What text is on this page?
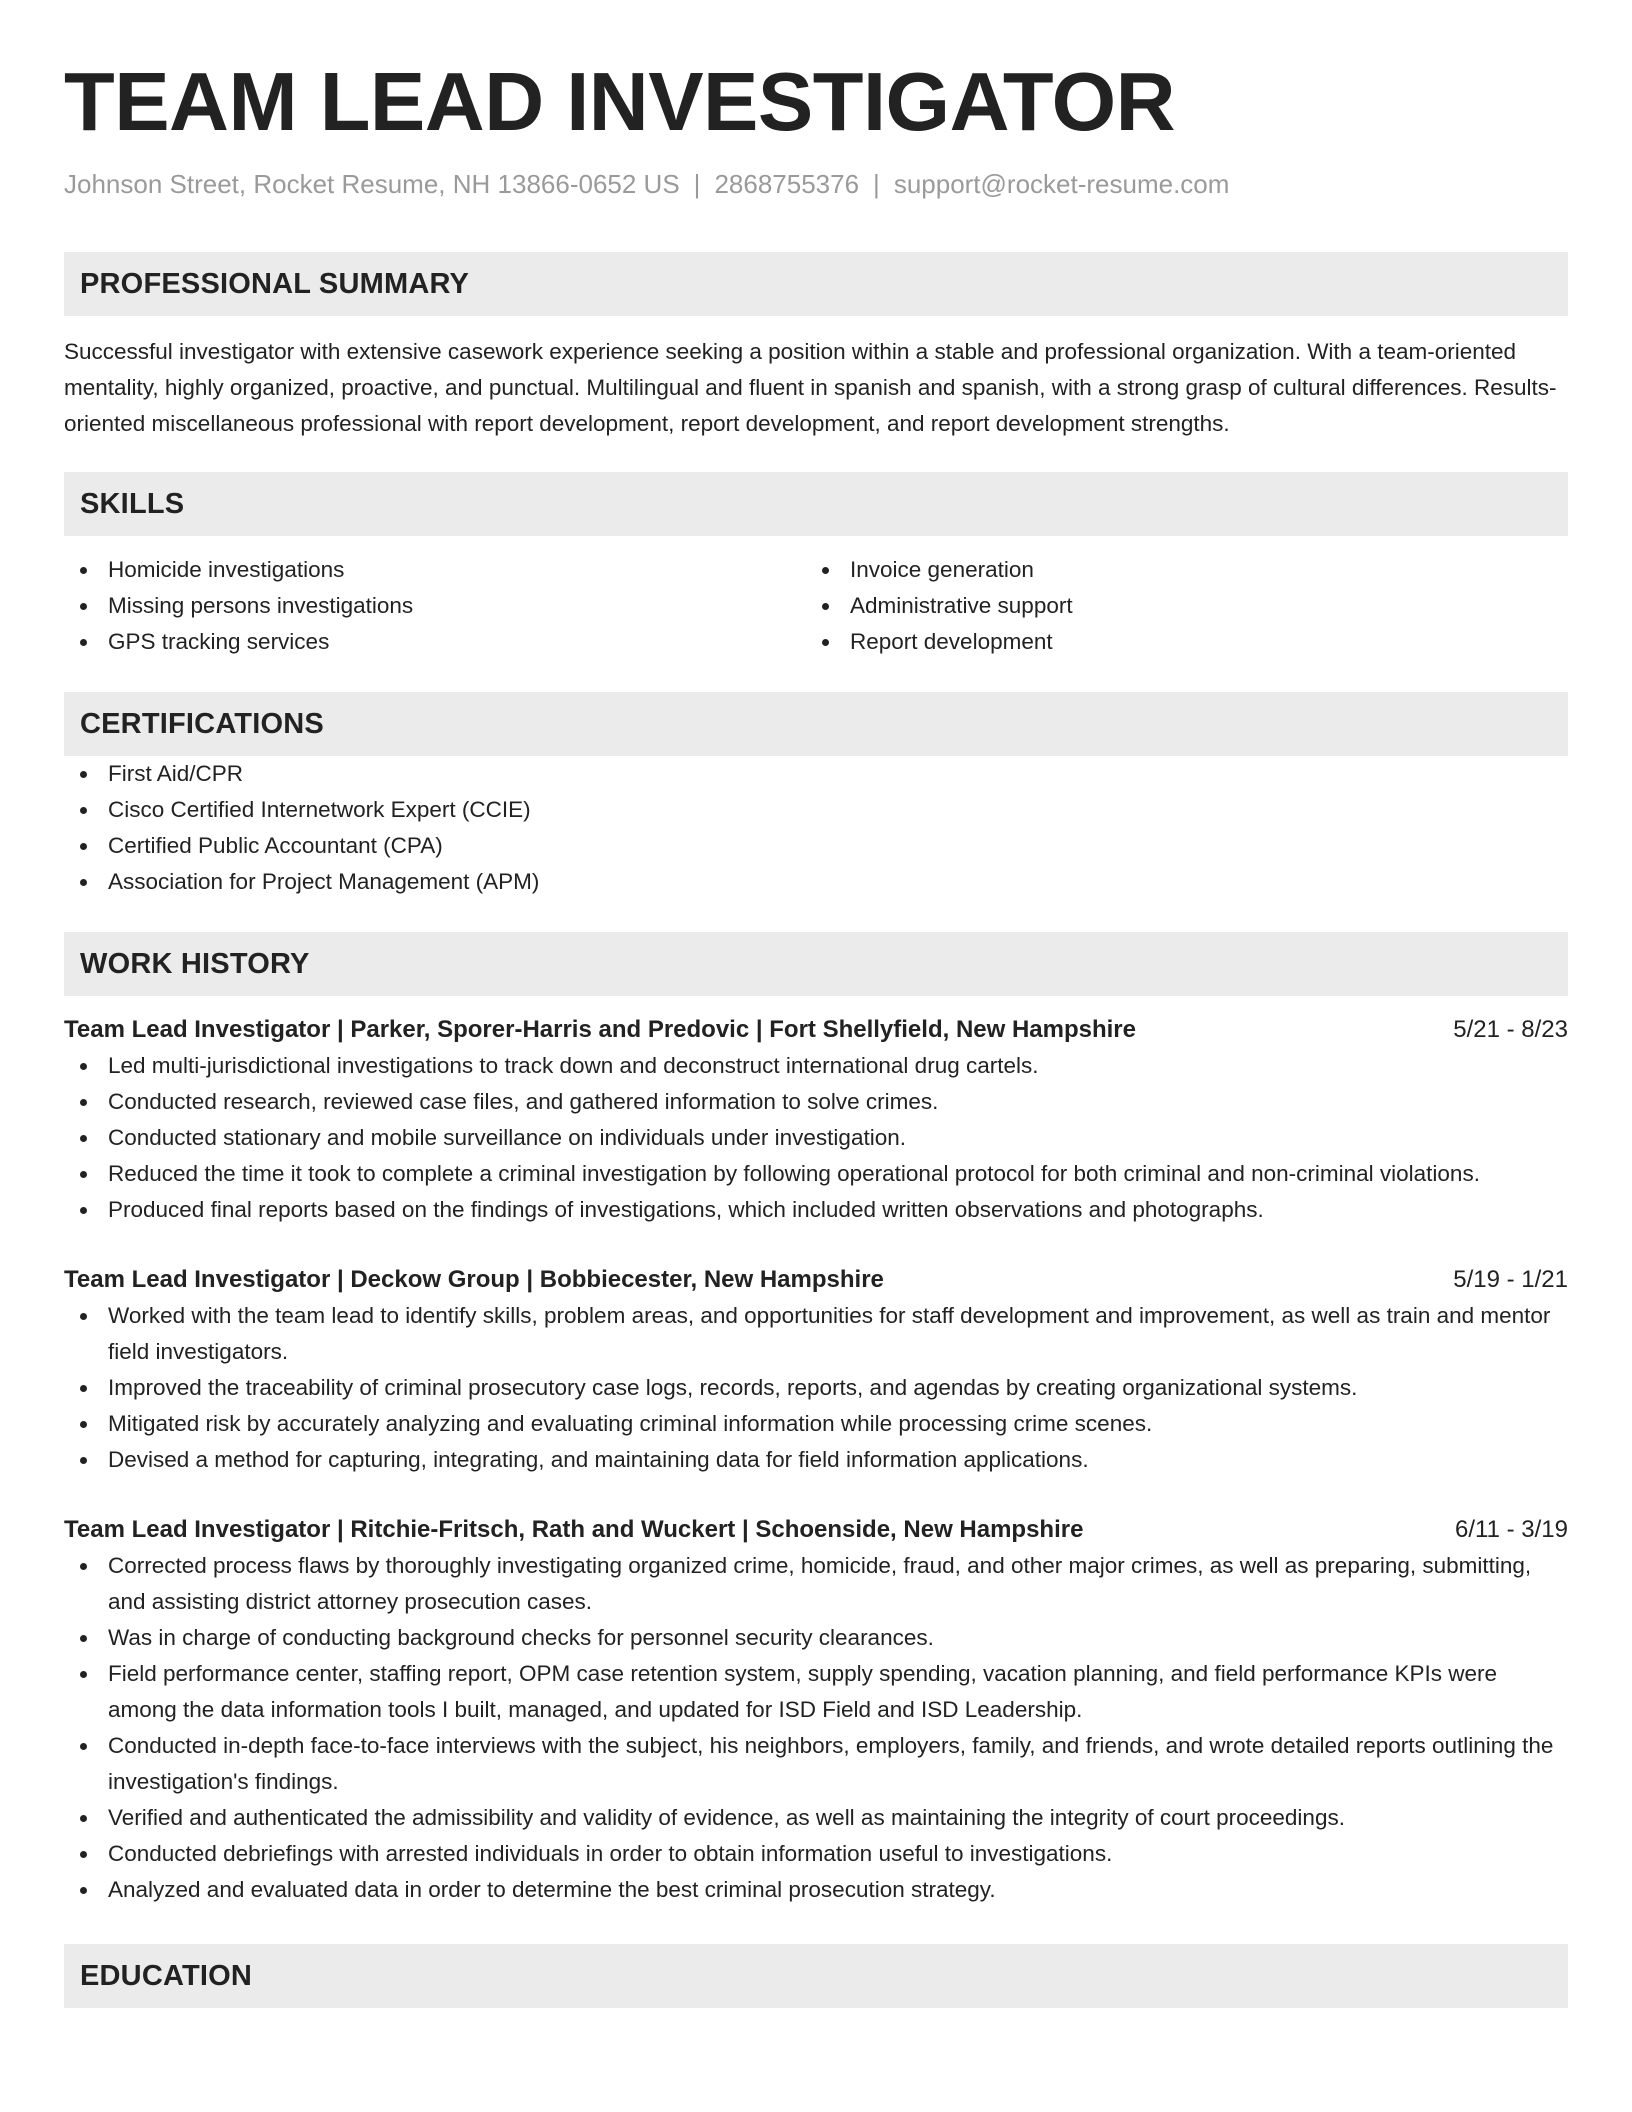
TEAM LEAD INVESTIGATOR
Johnson Street, Rocket Resume, NH 13866-0652 US | 2868755376 | support@rocket-resume.com
PROFESSIONAL SUMMARY

Successful investigator with extensive casework experience seeking a position within a stable and professional organization. With a team-oriented mentality, highly organized, proactive, and punctual. Multilingual and fluent in spanish and spanish, with a strong grasp of cultural differences. Results-oriented miscellaneous professional with report development, report development, and report development strengths.

SKILLS
Homicide investigations
Missing persons investigations
GPS tracking services
Invoice generation
Administrative support
Report development
CERTIFICATIONS
First Aid/CPR
Cisco Certified Internetwork Expert (CCIE)
Certified Public Accountant (CPA)
Association for Project Management (APM)
WORK HISTORY
Team Lead Investigator | Parker, Sporer-Harris and Predovic | Fort Shellyfield, New Hampshire	5/21 - 8/23
Led multi-jurisdictional investigations to track down and deconstruct international drug cartels.
Conducted research, reviewed case files, and gathered information to solve crimes.
Conducted stationary and mobile surveillance on individuals under investigation.
Reduced the time it took to complete a criminal investigation by following operational protocol for both criminal and non-criminal violations.
Produced final reports based on the findings of investigations, which included written observations and photographs.
Team Lead Investigator | Deckow Group | Bobbiecester, New Hampshire	5/19 - 1/21
Worked with the team lead to identify skills, problem areas, and opportunities for staff development and improvement, as well as train and mentor field investigators.
Improved the traceability of criminal prosecutory case logs, records, reports, and agendas by creating organizational systems.
Mitigated risk by accurately analyzing and evaluating criminal information while processing crime scenes.
Devised a method for capturing, integrating, and maintaining data for field information applications.
Team Lead Investigator | Ritchie-Fritsch, Rath and Wuckert | Schoenside, New Hampshire	6/11 - 3/19
Corrected process flaws by thoroughly investigating organized crime, homicide, fraud, and other major crimes, as well as preparing, submitting, and assisting district attorney prosecution cases.
Was in charge of conducting background checks for personnel security clearances.
Field performance center, staffing report, OPM case retention system, supply spending, vacation planning, and field performance KPIs were among the data information tools I built, managed, and updated for ISD Field and ISD Leadership.
Conducted in-depth face-to-face interviews with the subject, his neighbors, employers, family, and friends, and wrote detailed reports outlining the investigation's findings.
Verified and authenticated the admissibility and validity of evidence, as well as maintaining the integrity of court proceedings.
Conducted debriefings with arrested individuals in order to obtain information useful to investigations.
Analyzed and evaluated data in order to determine the best criminal prosecution strategy.
EDUCATION
